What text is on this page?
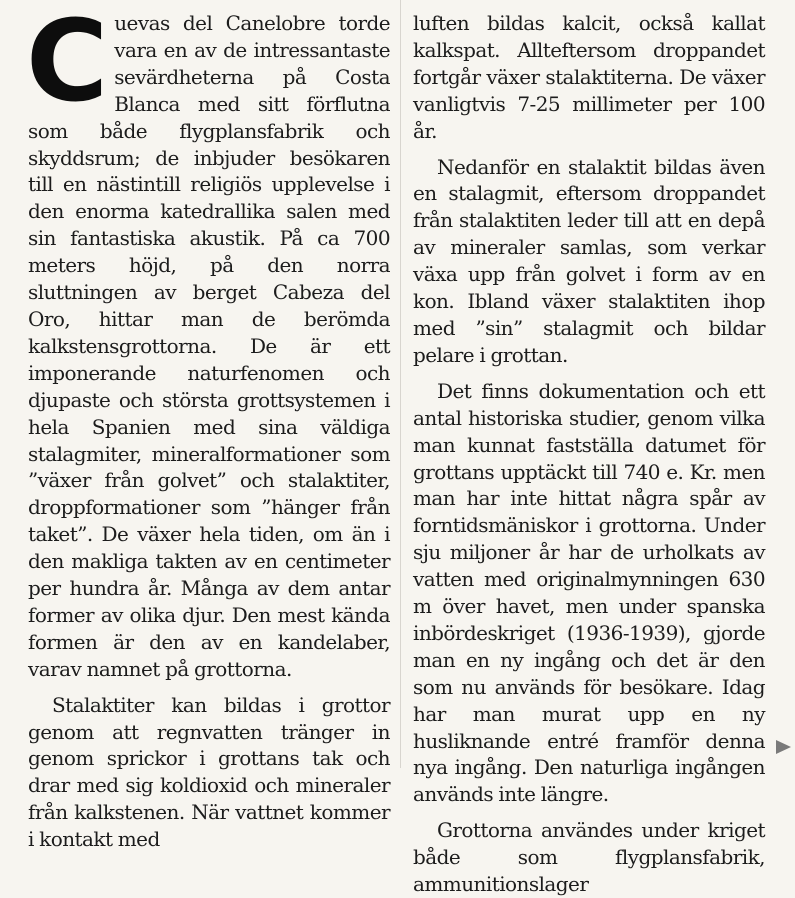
Cuevas del Canelobre torde vara en av de intressantaste sevärdheterna på Costa Blanca med sitt förflutna som både flygplansfabrik och skyddsrum; de inbjuder besökaren till en nästintill religiös upplevelse i den enorma katedrallika salen med sin fantastiska akustik. På ca 700 meters höjd, på den norra sluttningen av berget Cabeza del Oro, hittar man de berömda kalkstensgrottorna. De är ett imponerande naturfenomen och djupaste och största grottsystemen i hela Spanien med sina väldiga stalagmiter, mineralformationer som ”växer från golvet” och stalaktiter, droppformationer som ”hänger från taket”. De växer hela tiden, om än i den makliga takten av en centimeter per hundra år. Många av dem antar former av olika djur. Den mest kända formen är den av en kandelaber, varav namnet på grottorna.

Stalaktiter kan bildas i grottor genom att regnvatten tränger in genom sprickor i grottans tak och drar med sig koldioxid och mineraler från kalkstenen. När vattnet kommer i kontakt med

luften bildas kalcit, också kallat kalkspat. Allteftersom droppandet fortgår växer stalaktiterna. De växer vanligtvis 7-25 millimeter per 100 år.

Nedanför en stalaktit bildas även en stalagmit, eftersom droppandet från stalaktiten leder till att en depå av mineraler samlas, som verkar växa upp från golvet i form av en kon. Ibland växer stalaktiten ihop med ”sin” stalagmit och bildar pelare i grottan.

Det finns dokumentation och ett antal historiska studier, genom vilka man kunnat fastställa datumet för grottans upptäckt till 740 e. Kr. men man har inte hittat några spår av forntidsmäniskor i grottorna. Under sju miljoner år har de urholkats av vatten med originalmynningen 630 m över havet, men under spanska inbördeskriget (1936-1939), gjorde man en ny ingång och det är den som nu används för besökare. Idag har man murat upp en ny husliknande entré framför denna nya ingång. Den naturliga ingången används inte längre.

Grottorna användes under kriget både som flygplansfabrik, ammunitionslager
